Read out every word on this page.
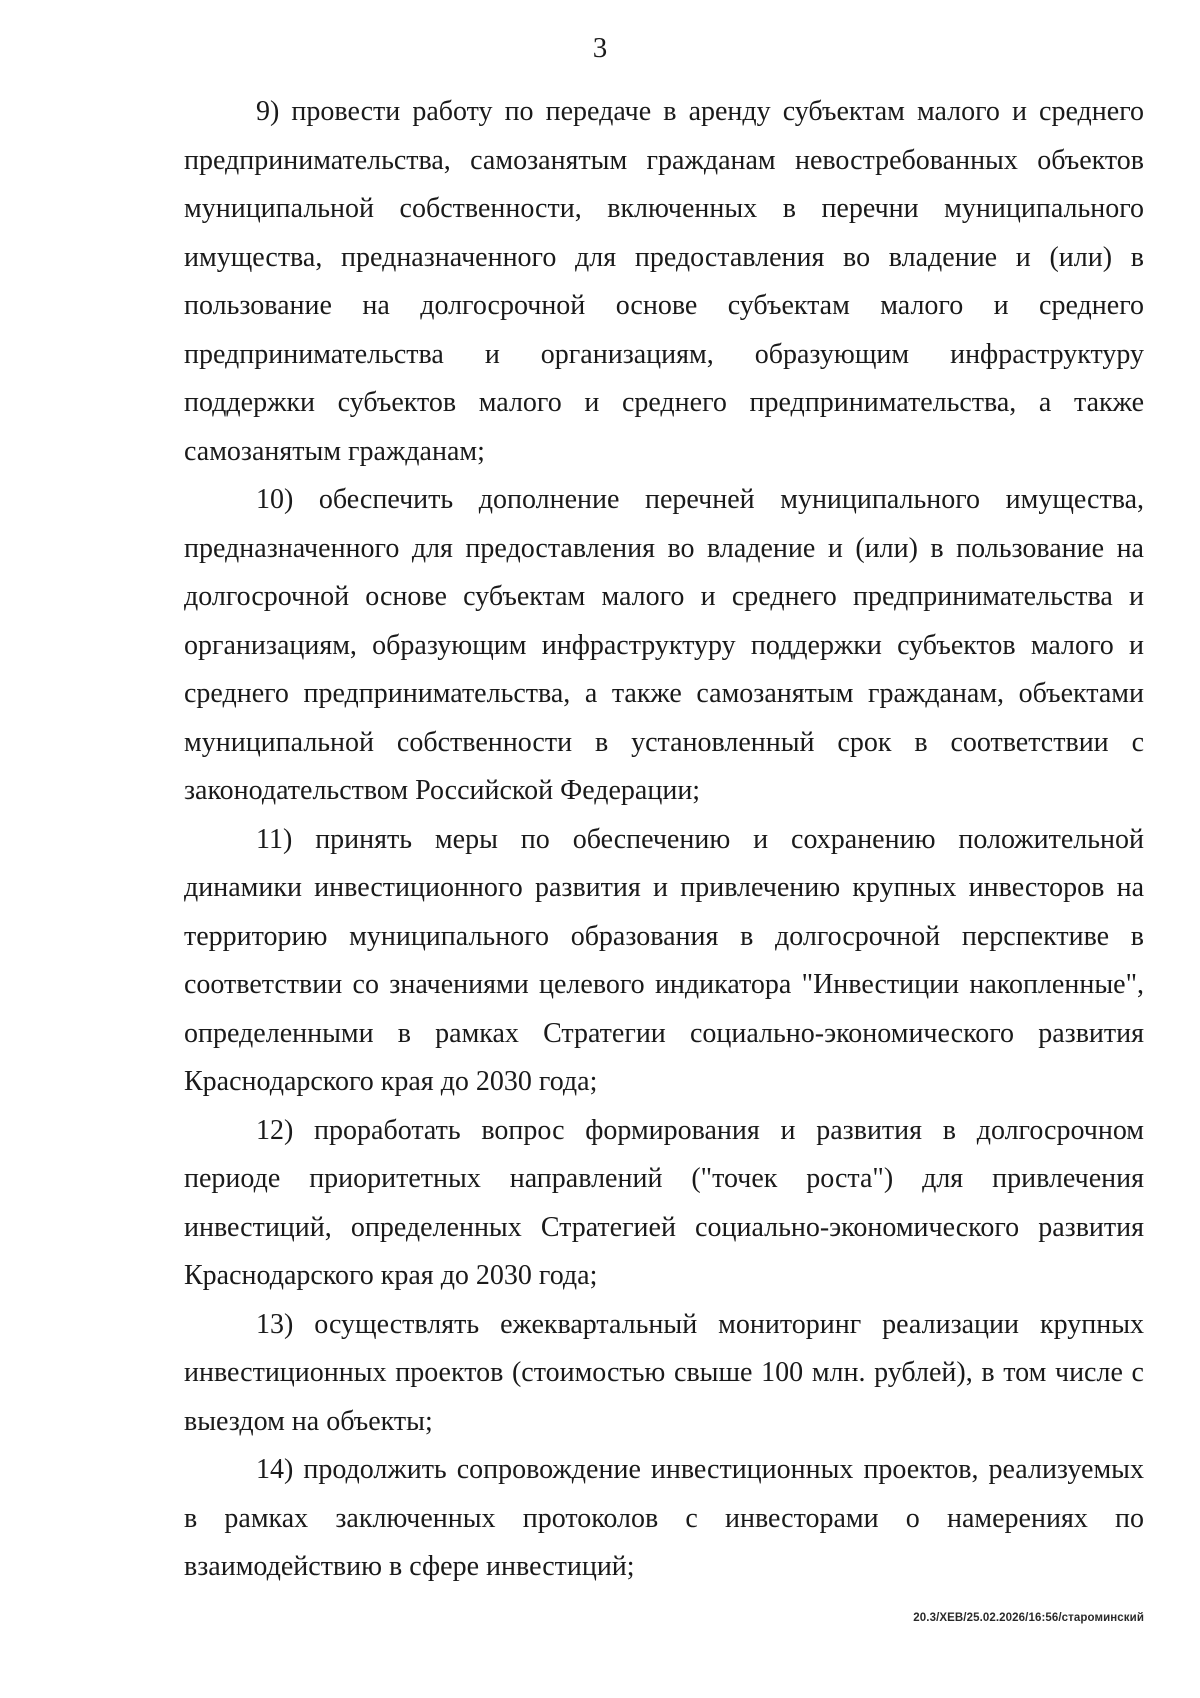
3

9) провести работу по передаче в аренду субъектам малого и среднего предпринимательства, самозанятым гражданам невостребованных объектов муниципальной собственности, включенных в перечни муниципального имущества, предназначенного для предоставления во владение и (или) в пользование на долгосрочной основе субъектам малого и среднего предпринимательства и организациям, образующим инфраструктуру поддержки субъектов малого и среднего предпринимательства, а также самозанятым гражданам;

10) обеспечить дополнение перечней муниципального имущества, предназначенного для предоставления во владение и (или) в пользование на долгосрочной основе субъектам малого и среднего предпринимательства и организациям, образующим инфраструктуру поддержки субъектов малого и среднего предпринимательства, а также самозанятым гражданам, объектами муниципальной собственности в установленный срок в соответствии с законодательством Российской Федерации;

11) принять меры по обеспечению и сохранению положительной динамики инвестиционного развития и привлечению крупных инвесторов на территорию муниципального образования в долгосрочной перспективе в соответствии со значениями целевого индикатора "Инвестиции накопленные", определенными в рамках Стратегии социально-экономического развития Краснодарского края до 2030 года;

12) проработать вопрос формирования и развития в долгосрочном периоде приоритетных направлений ("точек роста") для привлечения инвестиций, определенных Стратегией социально-экономического развития Краснодарского края до 2030 года;

13) осуществлять ежеквартальный мониторинг реализации крупных инвестиционных проектов (стоимостью свыше 100 млн. рублей), в том числе с выездом на объекты;

14) продолжить сопровождение инвестиционных проектов, реализуемых в рамках заключенных протоколов с инвесторами о намерениях по взаимодействию в сфере инвестиций;

20.3/ХЕВ/25.02.2026/16:56/староминский
